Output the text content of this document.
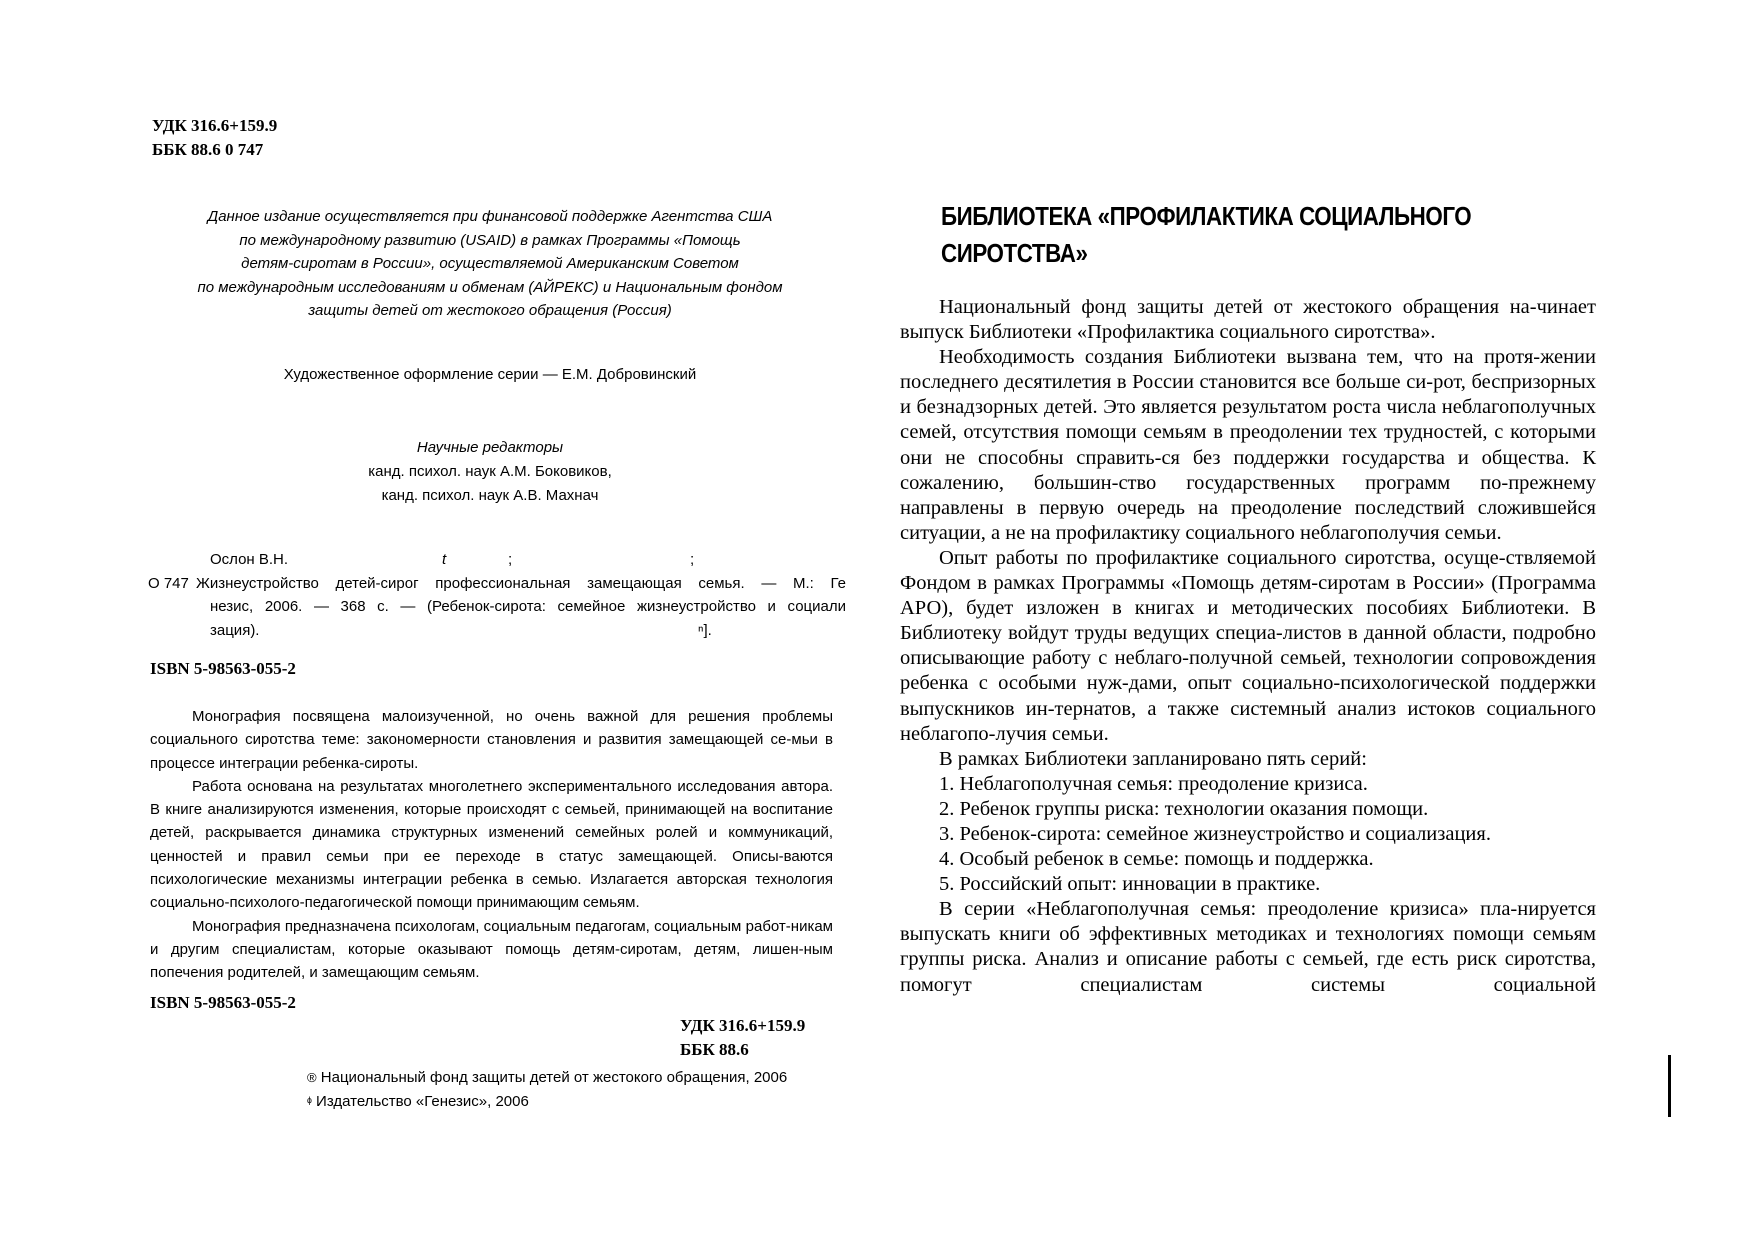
УДК 316.6+159.9
ББК 88.6 0 747
Данное издание осуществляется при финансовой поддержке Агентства США
по международному развитию (USAID) в рамках Программы «Помощь
детям-сиротам в России», осуществляемой Американским Советом
по международным исследованиям и обменам (АЙРЕКС) и Национальным фондом
защиты детей от жестокого обращения (Россия)
Художественное оформление серии — Е.М. Добровинский
Научные редакторы
канд. психол. наук А.М. Боковиков,
канд. психол. наук А.В. Махнач
Ослон В.Н.	t	;	;
О 747 Жизнеустройство детей-сирог профессиональная замещающая семья. — М.: Ге
незис, 2006. — 368 с. — (Ребенок-сирота: семейное жизнеустройство и социали
зация).	ⁿ].
ISBN 5-98563-055-2

Монография посвящена малоизученной, но очень важной для решения проблемы социального сиротства теме: закономерности становления и развития замещающей се-мьи в процессе интеграции ребенка-сироты.

Работа основана на результатах многолетнего экспериментального исследования автора. В книге анализируются изменения, которые происходят с семьей, принимающей на воспитание детей, раскрывается динамика структурных изменений семейных ролей и коммуникаций, ценностей и правил семьи при ее переходе в статус замещающей. Описы-ваются психологические механизмы интеграции ребенка в семью. Излагается авторская технология социально-психолого-педагогической помощи принимающим семьям.

Монография предназначена психологам, социальным педагогам, социальным работ-никам и другим специалистам, которые оказывают помощь детям-сиротам, детям, лишен-ным попечения родителей, и замещающим семьям.

ISBN 5-98563-055-2
УДК 316.6+159.9
ББК 88.6
® Национальный фонд защиты детей от жестокого обращения, 2006
ᶲ Издательство «Генезис», 2006
БИБЛИОТЕКА «ПРОФИЛАКТИКА СОЦИАЛЬНОГО
СИРОТСТВА»

Национальный фонд защиты детей от жестокого обращения на-чинает выпуск Библиотеки «Профилактика социального сиротства».

Необходимость создания Библиотеки вызвана тем, что на протя-жении последнего десятилетия в России становится все больше си-рот, беспризорных и безнадзорных детей. Это является результатом роста числа неблагополучных семей, отсутствия помощи семьям в преодолении тех трудностей, с которыми они не способны справить-ся без поддержки государства и общества. К сожалению, большин-ство государственных программ по-прежнему направлены в первую очередь на преодоление последствий сложившейся ситуации, а не на профилактику социального неблагополучия семьи.

Опыт работы по профилактике социального сиротства, осуще-ствляемой Фондом в рамках Программы «Помощь детям-сиротам в России» (Программа АРО), будет изложен в книгах и методических пособиях Библиотеки. В Библиотеку войдут труды ведущих специа-листов в данной области, подробно описывающие работу с неблаго-получной семьей, технологии сопровождения ребенка с особыми нуж-дами, опыт социально-психологической поддержки выпускников ин-тернатов, а также системный анализ истоков социального неблагопо-лучия семьи.

В рамках Библиотеки запланировано пять серий:

1. Неблагополучная семья: преодоление кризиса.

2. Ребенок группы риска: технологии оказания помощи.

3. Ребенок-сирота: семейное жизнеустройство и социализация.

4. Особый ребенок в семье: помощь и поддержка.

5. Российский опыт: инновации в практике.

В серии «Неблагополучная семья: преодоление кризиса» пла-нируется выпускать книги об эффективных методиках и технологиях помощи семьям группы риска. Анализ и описание работы с семьей, где есть риск сиротства, помогут специалистам системы социальной
